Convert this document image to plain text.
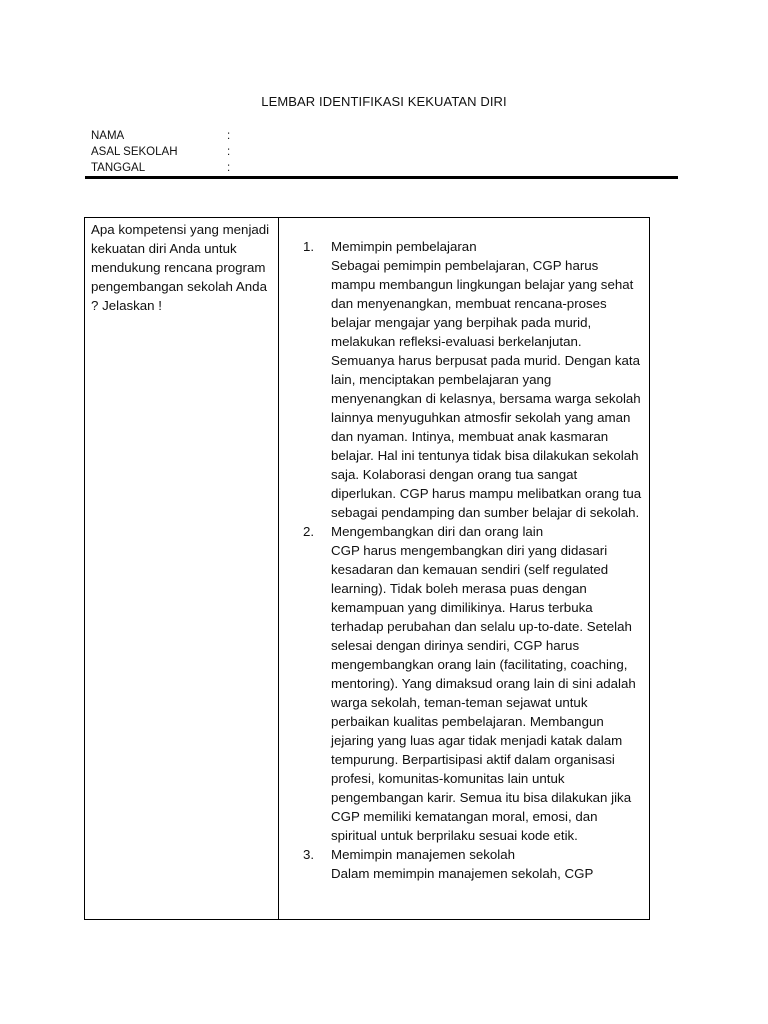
LEMBAR IDENTIFIKASI KEKUATAN DIRI
NAMA	:
ASAL SEKOLAH	:
TANGGAL	:
Apa kompetensi yang menjadi kekuatan diri Anda untuk mendukung rencana program pengembangan sekolah Anda ? Jelaskan !
1.	Memimpin pembelajaran
Sebagai pemimpin pembelajaran, CGP harus mampu membangun lingkungan belajar yang sehat dan menyenangkan, membuat rencana-proses belajar mengajar yang berpihak pada murid, melakukan refleksi-evaluasi berkelanjutan. Semuanya harus berpusat pada murid. Dengan kata lain, menciptakan pembelajaran yang menyenangkan di kelasnya, bersama warga sekolah lainnya menyuguhkan atmosfir sekolah yang aman dan nyaman. Intinya, membuat anak kasmaran belajar. Hal ini tentunya tidak bisa dilakukan sekolah saja. Kolaborasi dengan orang tua sangat diperlukan. CGP harus mampu melibatkan orang tua sebagai pendamping dan sumber belajar di sekolah.
2.	Mengembangkan diri dan orang lain
CGP harus mengembangkan diri yang didasari kesadaran dan kemauan sendiri (self regulated learning). Tidak boleh merasa puas dengan kemampuan yang dimilikinya. Harus terbuka terhadap perubahan dan selalu up-to-date. Setelah selesai dengan dirinya sendiri, CGP harus mengembangkan orang lain (facilitating, coaching, mentoring). Yang dimaksud orang lain di sini adalah warga sekolah, teman-teman sejawat untuk perbaikan kualitas pembelajaran. Membangun jejaring yang luas agar tidak menjadi katak dalam tempurung. Berpartisipasi aktif dalam organisasi profesi, komunitas-komunitas lain untuk pengembangan karir. Semua itu bisa dilakukan jika CGP memiliki kematangan moral, emosi, dan spiritual untuk berprilaku sesuai kode etik.
3.	Memimpin manajemen sekolah
Dalam memimpin manajemen sekolah, CGP
